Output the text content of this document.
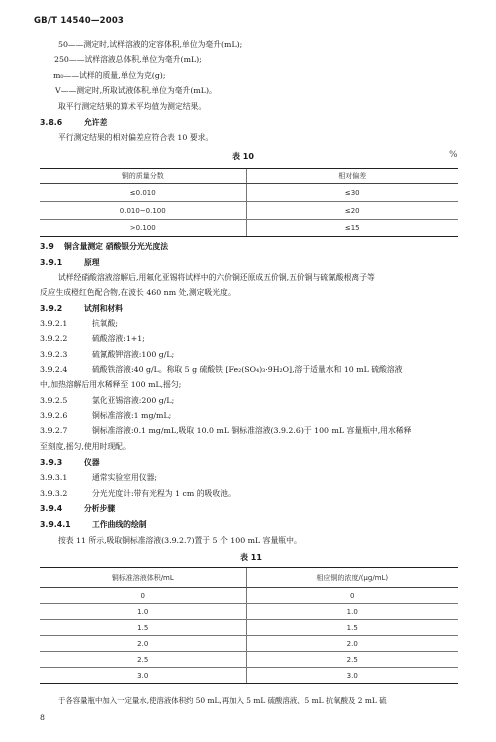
GB/T 14540—2003
50——测定时,试样溶液的定容体积,单位为毫升(mL);
250——试样溶液总体积,单位为毫升(mL);
m₀——试样的质量,单位为克(g);
V——测定时,所取试液体积,单位为毫升(mL)。
取平行测定结果的算术平均值为测定结果。
3.8.6	允许差
平行测定结果的相对偏差应符合表 10 要求。
表 10	%
铜的质量分数	相对偏差
≤0.010	≤30
0.010~0.100	≤20
>0.100	≤15
3.9 铜含量测定 硝酸银分光光度法
3.9.1	原理
试样经硝酸溶液溶解后,用氟化亚锡将试样中的六价铜还原成五价铜,五价铜与硫氰酸根离子等
反应生成橙红色配合物,在波长 460 nm 处,测定吸光度。
3.9.2	试剂和材料
3.9.2.1	抗氧酸;
3.9.2.2	硫酸溶液:1+1;
3.9.2.3	硫氰酸钾溶液:100 g/L;
3.9.2.4	硫酸铁溶液:40 g/L。称取 5 g 硫酸铁 [Fe₂(SO₄)₃·9H₂O],溶于适量水和 10 mL 硫酸溶液
中,加热溶解后用水稀释至 100 mL,摇匀;
3.9.2.5	氯化亚锡溶液:200 g/L;
3.9.2.6	铜标准溶液:1 mg/mL;
3.9.2.7	铜标准溶液:0.1 mg/mL,吸取 10.0 mL 铜标准溶液(3.9.2.6)于 100 mL 容量瓶中,用水稀释
至刻度,摇匀,使用时现配。
3.9.3	仪器
3.9.3.1	通常实验室用仪器;
3.9.3.2	分光光度计:带有光程为 1 cm 的吸收池。
3.9.4	分析步骤
3.9.4.1	工作曲线的绘制
按表 11 所示,吸取铜标准溶液(3.9.2.7)置于 5 个 100 mL 容量瓶中。
表 11
铜标准溶液体积/mL	相应铜的浓度/(μg/mL)
0	0
1.0	1.0
1.5	1.5
2.0	2.0
2.5	2.5
3.0	3.0
于各容量瓶中加入一定量水,使溶液体积约 50 mL,再加入 5 mL 硫酸溶液、5 mL 抗氧酸及 2 mL 硫
8
